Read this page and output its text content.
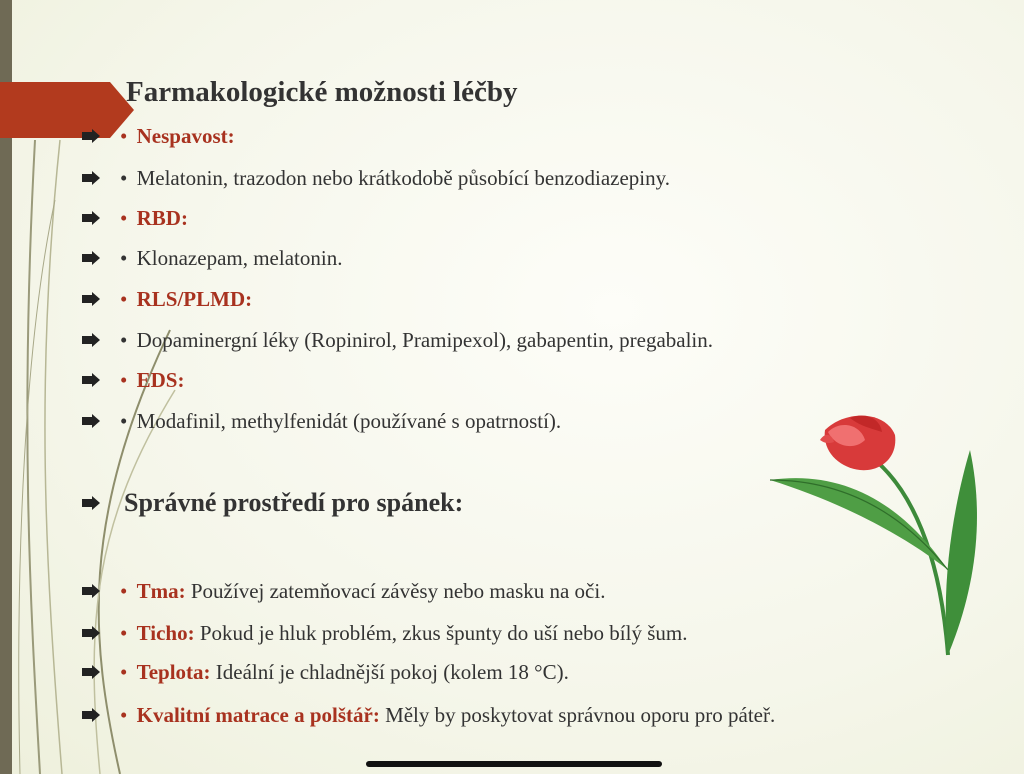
Farmakologické možnosti léčby
• Nespavost:
• Melatonin, trazodon nebo krátkodobě působící benzodiazepiny.
• RBD:
• Klonazepam, melatonin.
• RLS/PLMD:
• Dopaminergní léky (Ropinirol, Pramipexol), gabapentin, pregabalin.
• EDS:
• Modafinil, methylfenidát (používané s opatrností).
Správné prostředí pro spánek:
• Tma: Používej zatemňovací závěsy nebo masku na oči.
• Ticho: Pokud je hluk problém, zkus špunty do uší nebo bílý šum.
• Teplota: Ideální je chladnější pokoj (kolem 18 °C).
• Kvalitní matrace a polštář: Měly by poskytovat správnou oporu pro páteř.
